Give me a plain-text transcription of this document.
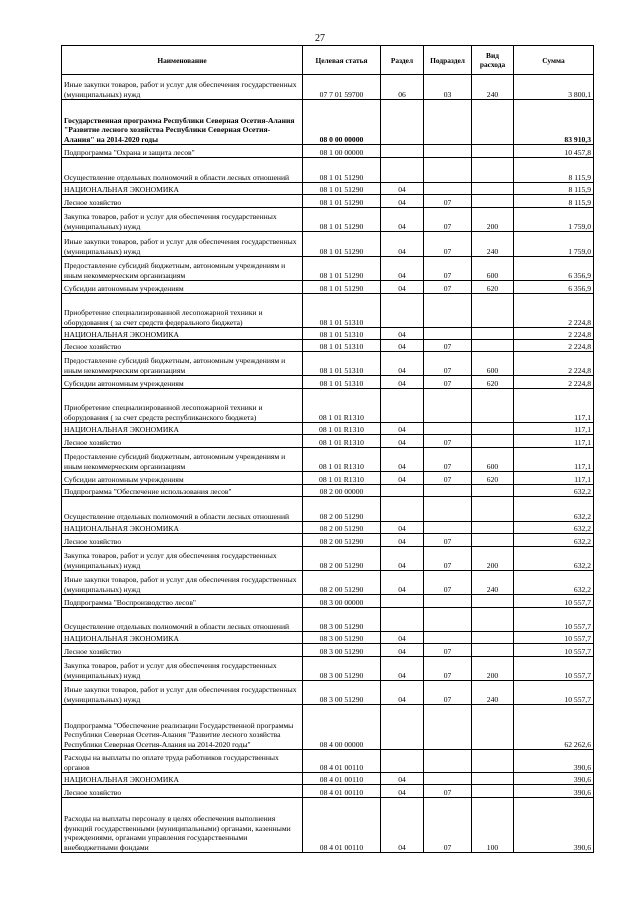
27
Наименование	Целевая статья	Раздел	Подраздел	Вид расхода	Сумма
Иные закупки товаров, работ и услуг для обеспечения государственных (муниципальных) нужд	07 7 01 59700	06	03	240	3 800,1
Государственная программа Республики Северная Осетия-Алания "Развитие лесного хозяйства Республики Северная Осетия-Алания" на 2014-2020 годы	08 0 00 00000				83 910,3
Подпрограмма "Охрана и защита лесов"	08 1 00 00000				10 457,8
Осуществление отдельных полномочий в области лесных отношений	08 1 01 51290				8 115,9
НАЦИОНАЛЬНАЯ ЭКОНОМИКА	08 1 01 51290	04			8 115,9
Лесное хозяйство	08 1 01 51290	04	07		8 115,9
Закупка товаров, работ и услуг для обеспечения государственных (муниципальных) нужд	08 1 01 51290	04	07	200	1 759,0
Иные закупки товаров, работ и услуг для обеспечения государственных (муниципальных) нужд	08 1 01 51290	04	07	240	1 759,0
Предоставление субсидий бюджетным, автономным учреждениям и иным некоммерческим организациям	08 1 01 51290	04	07	600	6 356,9
Субсидии автономным учреждениям	08 1 01 51290	04	07	620	6 356,9
Приобретение специализированной лесопожарной техники и оборудования ( за счет средств федерального бюджета)	08 1 01 51310				2 224,8
НАЦИОНАЛЬНАЯ ЭКОНОМИКА	08 1 01 51310	04			2 224,8
Лесное хозяйство	08 1 01 51310	04	07		2 224,8
Предоставление субсидий бюджетным, автономным учреждениям и иным некоммерческим организациям	08 1 01 51310	04	07	600	2 224,8
Субсидии автономным учреждениям	08 1 01 51310	04	07	620	2 224,8
Приобретение специализированной лесопожарной техники и оборудования ( за счет средств республиканского бюджета)	08 1 01 R1310				117,1
НАЦИОНАЛЬНАЯ ЭКОНОМИКА	08 1 01 R1310	04			117,1
Лесное хозяйство	08 1 01 R1310	04	07		117,1
Предоставление субсидий бюджетным, автономным учреждениям и иным некоммерческим организациям	08 1 01 R1310	04	07	600	117,1
Субсидии автономным учреждениям	08 1 01 R1310	04	07	620	117,1
Подпрограмма "Обеспечение использования лесов"	08 2 00 00000				632,2
Осуществление отдельных полномочий в области лесных отношений	08 2 00 51290				632,2
НАЦИОНАЛЬНАЯ ЭКОНОМИКА	08 2 00 51290	04			632,2
Лесное хозяйство	08 2 00 51290	04	07		632,2
Закупка товаров, работ и услуг для обеспечения государственных (муниципальных) нужд	08 2 00 51290	04	07	200	632,2
Иные закупки товаров, работ и услуг для обеспечения государственных (муниципальных) нужд	08 2 00 51290	04	07	240	632,2
Подпрограмма "Воспроизводство лесов"	08 3 00 00000				10 557,7
Осуществление отдельных полномочий в области лесных отношений	08 3 00 51290				10 557,7
НАЦИОНАЛЬНАЯ ЭКОНОМИКА	08 3 00 51290	04			10 557,7
Лесное хозяйство	08 3 00 51290	04	07		10 557,7
Закупка товаров, работ и услуг для обеспечения государственных (муниципальных) нужд	08 3 00 51290	04	07	200	10 557,7
Иные закупки товаров, работ и услуг для обеспечения государственных (муниципальных) нужд	08 3 00 51290	04	07	240	10 557,7
Подпрограмма "Обеспечение реализации Государственной программы Республики Северная Осетия-Алания "Развитие лесного хозяйства Республики Северная Осетия-Алания на 2014-2020 годы"	08 4 00 00000				62 262,6
Расходы на выплаты по оплате труда работников государственных органов	08 4 01 00110				390,6
НАЦИОНАЛЬНАЯ ЭКОНОМИКА	08 4 01 00110	04			390,6
Лесное хозяйство	08 4 01 00110	04	07		390,6
Расходы на выплаты персоналу в целях обеспечения выполнения функций государственными (муниципальными) органами, казенными учреждениями, органами управления государственными внебюджетными фондами	08 4 01 00110	04	07	100	390,6
